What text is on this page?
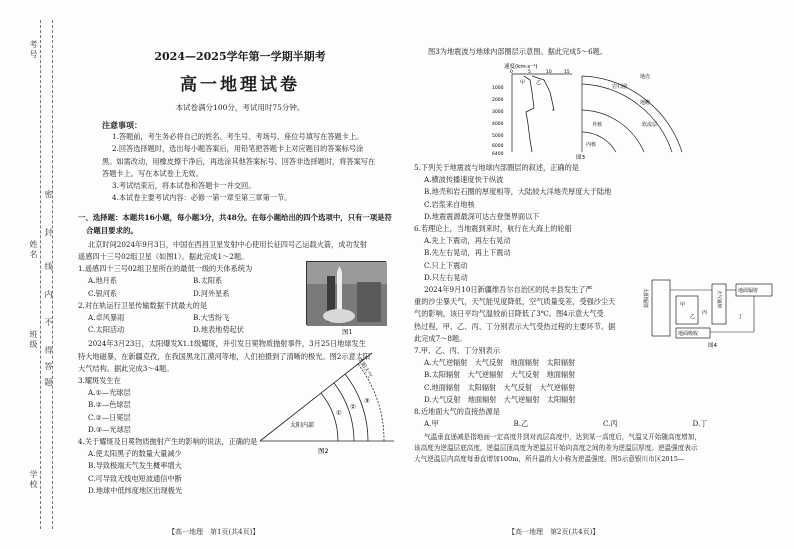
考号
姓名
班级
学校
密
封
线
内
不
得
答
题
2024—2025学年第一学期半期考
高一地理试卷
本试卷满分100分，考试用时75分钟。
注意事项：
1.答题前，考生务必将自己的姓名、考生号、考场号、座位号填写在答题卡上。
2.回答选择题时，选出每小题答案后，用铅笔把答题卡上对应题目的答案标号涂
黑。如需改动，用橡皮擦干净后，再选涂其他答案标号。回答非选择题时，将答案写在
答题卡上。写在本试卷上无效。
3.考试结束后，将本试卷和答题卡一并交回。
4.本试卷主要考试内容：必修一第一章至第三章第一节。
一、选择题：本题共16小题，每小题3分，共48分。在每小题给出的四个选项中，只有一项是符
合题目要求的。
北京时间2024年9月3日，中国在西昌卫星发射中心使用长征四号乙运载火箭，成功发射
遥感四十三号02组卫星（如图1）。据此完成1～2题。
1.遥感四十三号02组卫星所在的最低一级的天体系统为
A.地月系	B.太阳系
C.银河系	D.河外星系
2.对在轨运行卫星传输数据干扰最大的是
A.卓风暴雨	B.大雪纷飞
C.太阳活动	D.地表地势起伏	图1
2024年3月23日，太阳爆发X1.1级耀斑，并引发日冕物质抛射事件，3月25日地球发生
特大地磁暴，在新疆克孜，在我国黑龙江漠河等地，人们拍摄到了清晰的极光。图2示意太阳
大气结构。据此完成3～4题。
3.耀斑发生在
A.①—光球层
B.②—色球层
C.②—日冕层
D.③—光球层	太阳内部
①
②
③
太阳大气
图2
4.关于耀斑及日冕物质抛射产生的影响的说法，正确的是
A.使太阳黑子的数量大量减少
B.导致极端天气发生概率增大
C.可导致无线电短波通信中断
D.地球中低纬度地区出现极光
【高一地理　第1页(共4页)】
图3为地震波与地球内部圈层示意图。据此完成5～6题。
速度(km·s⁻¹)
0	5	10	15
1000
2000
3000
4000
5000
6000
6400
甲 乙
地壳
岩石圈
地幔
外核
内核
软流层
图3
5.下列关于地震波与地球内部圈层的叙述，正确的是
A.横波传播速度快于纵波
B.地壳和岩石圈的厚度相等，大陆较大洋地壳厚度大于陆地
C.岩浆来自地核
D.地震震源最深可达古登堡界面以下
6.若理论上，当地震到来时，航行在大海上的轮船
A.先上下震动，再左右晃动
B.先左右晃动，再上下震动
C.只上下震动
D.只左右晃动
2024年9月10日新疆维吾尔自治区的民丰县发生了严
重的沙尘暴天气，天气能见度降低，空气质量变差，受强沙尘天
气的影响，该日平均气温较前日降低了3℃。图4示意大气受
热过程，甲、乙、丙、丁分别表示大气受热过程的主要环节。据
此完成7～8题。
太阳辐射	大气辐射	地面辐射
地面吸收
甲
乙
丙
丁
图4
7.甲、乙、丙、丁分别表示
A.大气逆辐射　大气反射　地面辐射　太阳辐射
B.太阳辐射　大气逆辐射　大气反射　地面辐射
C.地面辐射　太阳辐射　大气反射　大气逆辐射
D.大气反射　地面辐射　大气逆辐射　太阳辐射
8.近地面大气的直接热源是
A.甲	B.乙	C.丙	D.丁
气温垂直递减是指地面一定高度并到对流层高度中，达到某一高度后，气温又开始随高度增加，
该高度为逆温层底高度，逆温层顶高度为逆温层开始向高度之间的差为逆温层厚度。逆温强度表示
大气逆温层内高度每垂直增加100m，所升温的大小称为逆温强度。图5示意银川市区2015—
【高一地理　第2页(共4页)】
